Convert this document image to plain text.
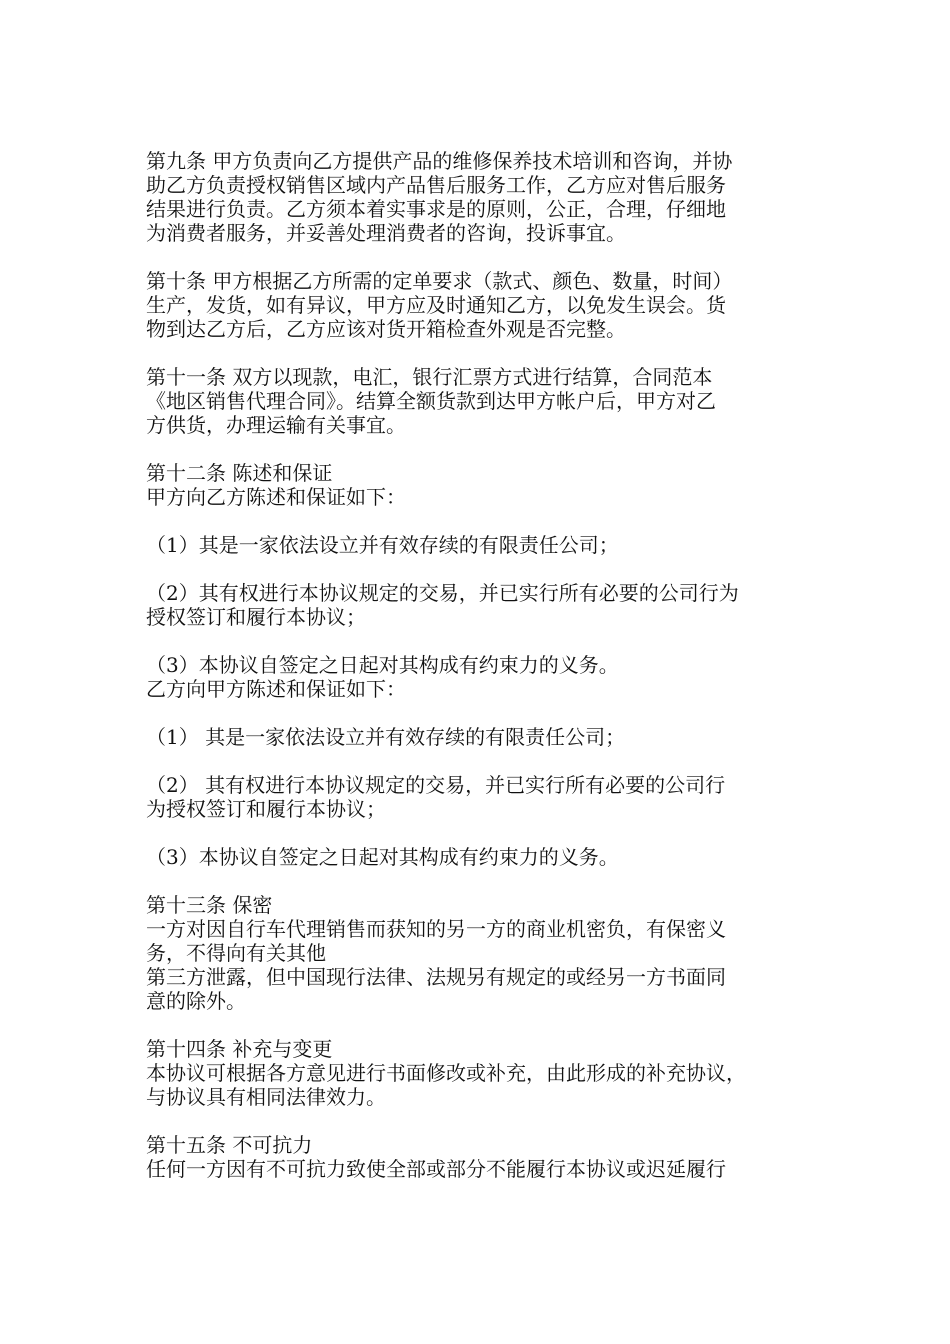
第九条 甲方负责向乙方提供产品的维修保养技术培训和咨询，并协
助乙方负责授权销售区域内产品售后服务工作，乙方应对售后服务
结果进行负责。乙方须本着实事求是的原则，公正，合理，仔细地
为消费者服务，并妥善处理消费者的咨询，投诉事宜。
第十条 甲方根据乙方所需的定单要求（款式、颜色、数量，时间）
生产，发货，如有异议，甲方应及时通知乙方，以免发生误会。货
物到达乙方后，乙方应该对货开箱检查外观是否完整。
第十一条 双方以现款，电汇，银行汇票方式进行结算，合同范本
《地区销售代理合同》。结算全额货款到达甲方帐户后，甲方对乙
方供货，办理运输有关事宜。
第十二条 陈述和保证
甲方向乙方陈述和保证如下：
（1）其是一家依法设立并有效存续的有限责任公司；
（2）其有权进行本协议规定的交易，并已实行所有必要的公司行为
授权签订和履行本协议；
（3）本协议自签定之日起对其构成有约束力的义务。
乙方向甲方陈述和保证如下：
（1） 其是一家依法设立并有效存续的有限责任公司；
（2） 其有权进行本协议规定的交易，并已实行所有必要的公司行
为授权签订和履行本协议；
（3）本协议自签定之日起对其构成有约束力的义务。
第十三条 保密
一方对因自行车代理销售而获知的另一方的商业机密负，有保密义
务，不得向有关其他
第三方泄露，但中国现行法律、法规另有规定的或经另一方书面同
意的除外。
第十四条 补充与变更
本协议可根据各方意见进行书面修改或补充，由此形成的补充协议，
与协议具有相同法律效力。
第十五条 不可抗力
任何一方因有不可抗力致使全部或部分不能履行本协议或迟延履行
